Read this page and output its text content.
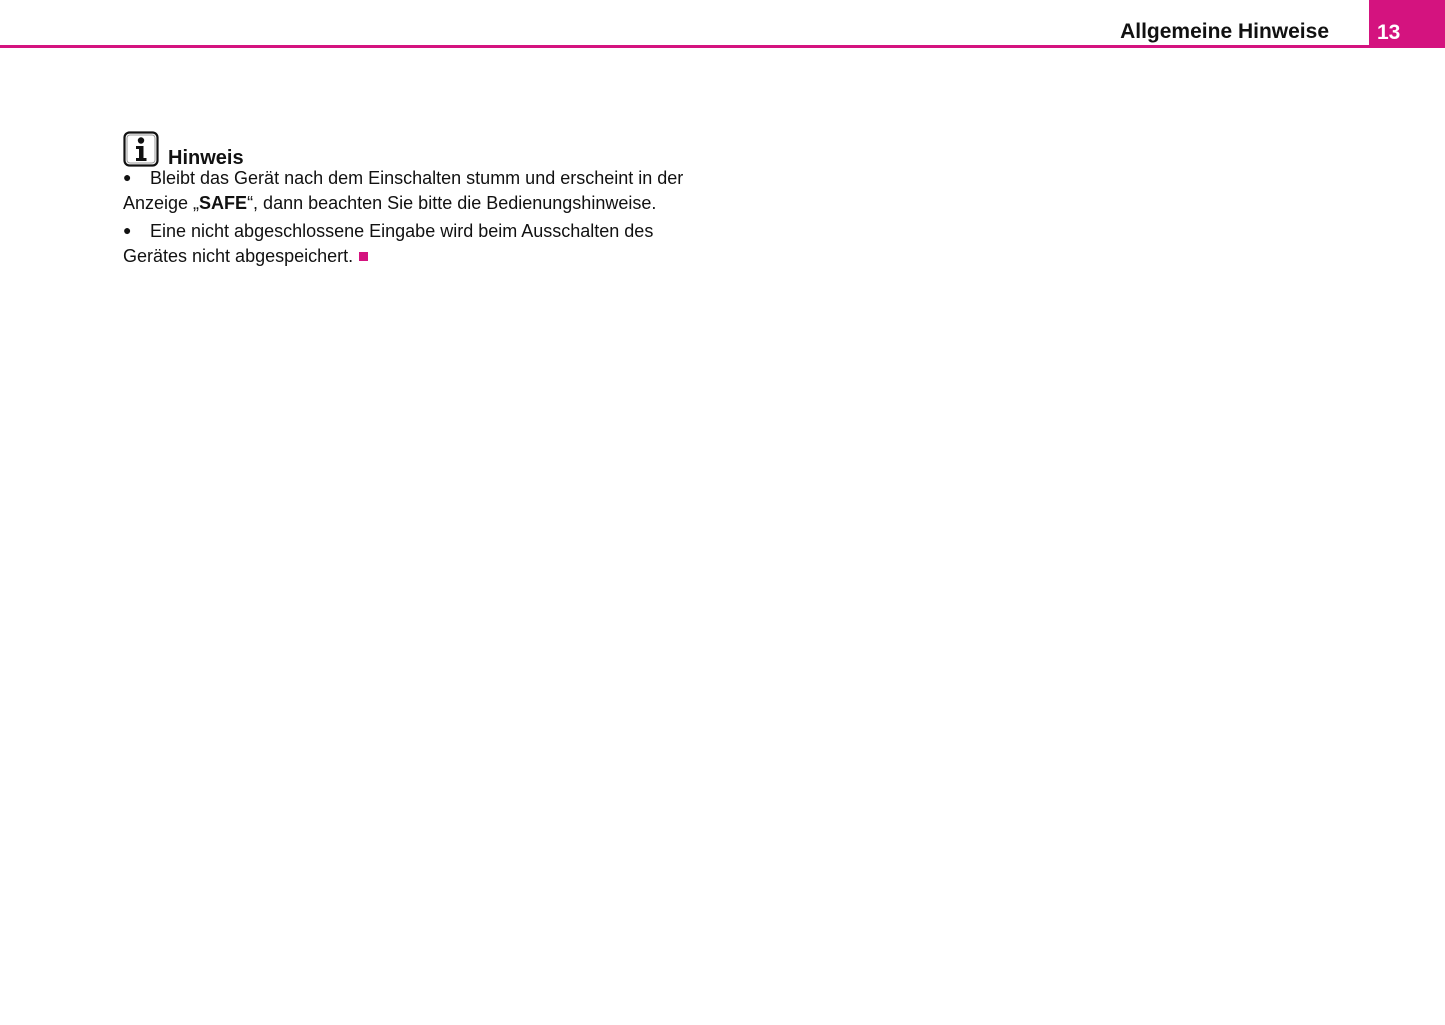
Allgemeine Hinweise 13
Hinweis

● Bleibt das Gerät nach dem Einschalten stumm und erscheint in der Anzeige „SAFE“, dann beachten Sie bitte die Bedienungshinweise.

● Eine nicht abgeschlossene Eingabe wird beim Ausschalten des Gerätes nicht abgespeichert.
